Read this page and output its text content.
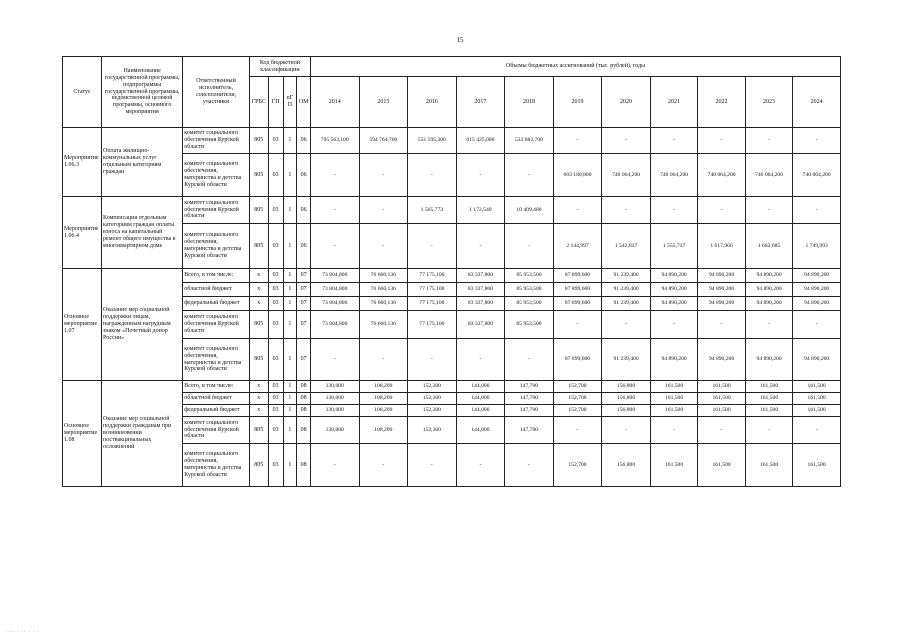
15
Статус	Наименование государственной программы, подпрограммы государственной программы, ведомственной целевой программы, основного мероприятия	Ответственный исполнитель, соисполнители, участники	Код бюджетной классификации				Объемы бюджетных ассигнований (тыс. рублей), годы										
			ГРБС	ГП	пГП	ОМ	2014	2015	2016	2017	2018	2019	2020	2021	2022	2023	2024
Мероприятие 1.06.3	Оплата жилищно-коммунальных услуг отдельным категориям граждан	комитет социального обеспечения Курской области	805	03	1	06	795 563,100	594 764,700	551 595,300	615 425,000	533 882,700	-	-	-	-	-	-
		комитет социального обеспечения, материнства и детства Курской области	805	03	1	06	-	-	-	-	-	603 180,800	740 064,200	740 064,200	740 064,200	740 064,200	740 064,200
Мероприятие 1.06.4	Компенсация отдельным категориям граждан оплаты взноса на капитальный ремонт общего имущества в многоквартирном доме	комитет социального обеспечения Курской области	805	03	1	06	-	-	1 565,773	1 172,540	10 409,480	-	-	-	-	-	-
		комитет социального обеспечения, материнства и детства Курской области	805	03	1	06	-	-	-	-	-	2 144,997	1 542,837	1 555,737	1 617,966	1 682,685	1 749,993
Основное мероприятие 1.07	Оказание мер социальной поддержки лицам, награжденным нагрудным знаком «Почетный донор России»	Всего, в том числе:	х	03	1	07	73 804,800	76 660,136	77 175,100	83 337,800	85 953,500	87 899,600	91 239,400	94 890,200	94 890,200	94 890,200	94 890,200
		областной бюджет	х	03	1	07	73 804,800	76 660,136	77 175,100	83 337,800	85 953,500	87 899,600	91 239,400	94 890,200	94 890,200	94 890,200	94 890,200
		федеральный бюджет	х	03	1	07	73 804,800	76 660,136	77 175,100	83 337,800	85 953,500	87 899,600	91 239,400	94 890,200	94 890,200	94 890,200	94 890,200
		комитет социального обеспечения Курской области	805	03	1	07	73 804,800	76 660,136	77 175,100	83 337,800	85 953,500	-	-	-	-	-	-
		комитет социального обеспечения, материнства и детства Курской области	805	03	1	07	-	-	-	-	-	87 899,600	91 239,400	94 890,200	94 890,200	94 890,200	94 890,200
Основное мероприятие 1.08	Оказание мер социальной поддержки гражданам при возникновении поствакцинальных осложнений	Всего, в том числе:	х	03	1	08	130,000	108,200	152,300	144,000	147,700	152,700	156,800	161,500	161,500	161,500	161,500
		областной бюджет	х	03	1	08	130,000	108,200	152,300	144,000	147,700	152,700	156,800	161,500	161,500	161,500	161,500
		федеральный бюджет	х	03	1	08	130,000	108,200	152,300	144,000	147,700	152,700	156,800	161,500	161,500	161,500	161,500
		комитет социального обеспечения Курской области	805	03	1	08	130,000	108,200	152,300	144,000	147,700	-	-	-	-	-	-
		комитет социального обеспечения, материнства и детства Курской области	805	03	1	08	-	-	-	-	-	152,700	156,800	161,500	161,500	161,500	161,500
.... . .. . . .
